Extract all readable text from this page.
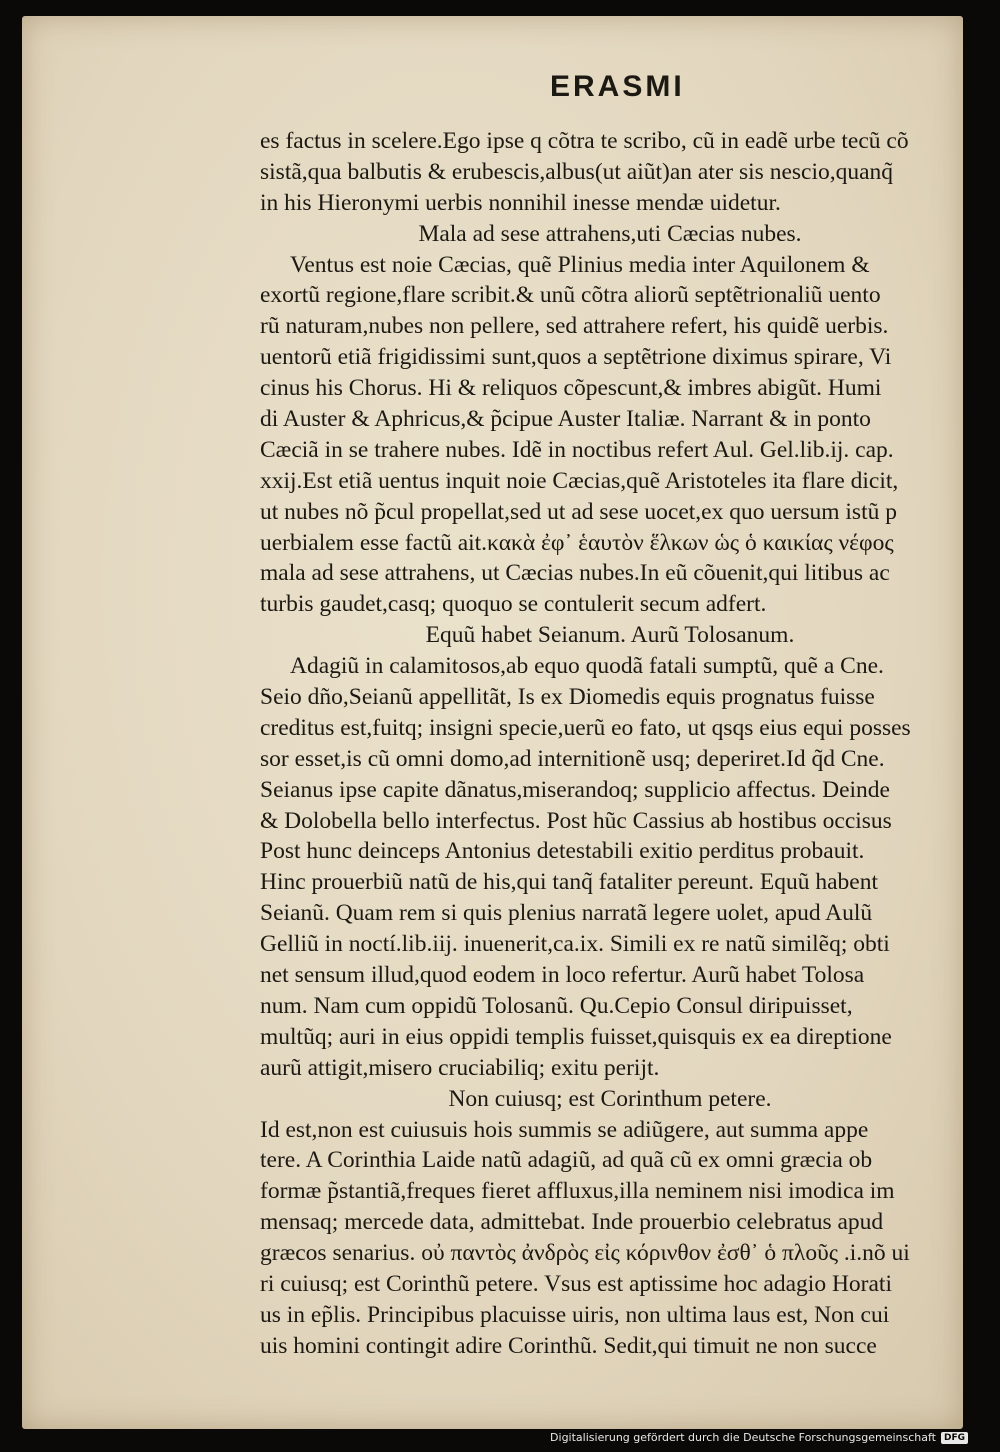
ERASMI
es factus in scelere.Ego ipse q cõtra te scribo, cũ in eadẽ urbe tecũ cõ
sistã,qua balbutis & erubescis,albus(ut aiũt)an ater sis nescio,quanq̃
in his Hieronymi uerbis nonnihil inesse mendæ uidetur.
Mala ad sese attrahens,uti Cæcias nubes.
Ventus est noie Cæcias, quẽ Plinius media inter Aquilonem &
exortũ regione,flare scribit.& unũ cõtra aliorũ septẽtrionaliũ uento
rũ naturam,nubes non pellere, sed attrahere refert, his quidẽ uerbis.
uentorũ etiã frigidissimi sunt,quos a septẽtrione diximus spirare, Vi
cinus his Chorus. Hi & reliquos cõpescunt,& imbres abigũt. Humi
di Auster & Aphricus,& p̃cipue Auster Italiæ. Narrant & in ponto
Cæciã in se trahere nubes. Idẽ in noctibus refert Aul. Gel.lib.ij. cap.
xxij.Est etiã uentus inquit noie Cæcias,quẽ Aristoteles ita flare dicit,
ut nubes nõ p̃cul propellat,sed ut ad sese uocet,ex quo uersum istũ p
uerbialem esse factũ ait.κακὰ ἐφ᾽ ἑαυτὸν ἕλκων ὡς ὁ καικίας νέφος
mala ad sese attrahens, ut Cæcias nubes.In eũ cõuenit,qui litibus ac
turbis gaudet,casq; quoquo se contulerit secum adfert.
Equũ habet Seianum. Aurũ Tolosanum.
Adagiũ in calamitosos,ab equo quodã fatali sumptũ, quẽ a Cne.
Seio dño,Seianũ appellitãt, Is ex Diomedis equis prognatus fuisse
creditus est,fuitq; insigni specie,uerũ eo fato, ut qsqs eius equi posses
sor esset,is cũ omni domo,ad internitionẽ usq; deperiret.Id q̃d Cne.
Seianus ipse capite dãnatus,miserandoq; supplicio affectus. Deinde
& Dolobella bello interfectus. Post hũc Cassius ab hostibus occisus
Post hunc deinceps Antonius detestabili exitio perditus probauit.
Hinc prouerbiũ natũ de his,qui tanq̃ fataliter pereunt. Equũ habent
Seianũ. Quam rem si quis plenius narratã legere uolet, apud Aulũ
Gelliũ in noctí.lib.iij. inuenerit,ca.ix. Simili ex re natũ similẽq; obti
net sensum illud,quod eodem in loco refertur. Aurũ habet Tolosa
num. Nam cum oppidũ Tolosanũ. Qu.Cepio Consul diripuisset,
multũq; auri in eius oppidi templis fuisset,quisquis ex ea direptione
aurũ attigit,misero cruciabiliq; exitu perijt.
Non cuiusq; est Corinthum petere.
Id est,non est cuiusuis hois summis se adiũgere, aut summa appe
tere. A Corinthia Laide natũ adagiũ, ad quã cũ ex omni græcia ob
formæ p̃stantiã,freques fieret affluxus,illa neminem nisi imodica im
mensaq; mercede data, admittebat. Inde prouerbio celebratus apud
græcos senarius. οὐ παντὸς ἀνδρὸς εἰς κόρινθον ἐσθ᾽ ὁ πλοῦς .i.nõ ui
ri cuiusq; est Corinthũ petere. Vsus est aptissime hoc adagio Horati
us in ep̃lis. Principibus placuisse uiris, non ultima laus est, Non cui
uis homini contingit adire Corinthũ. Sedit,qui timuit ne non succe
Digitalisierung gefördert durch die Deutsche Forschungsgemeinschaft DFG
